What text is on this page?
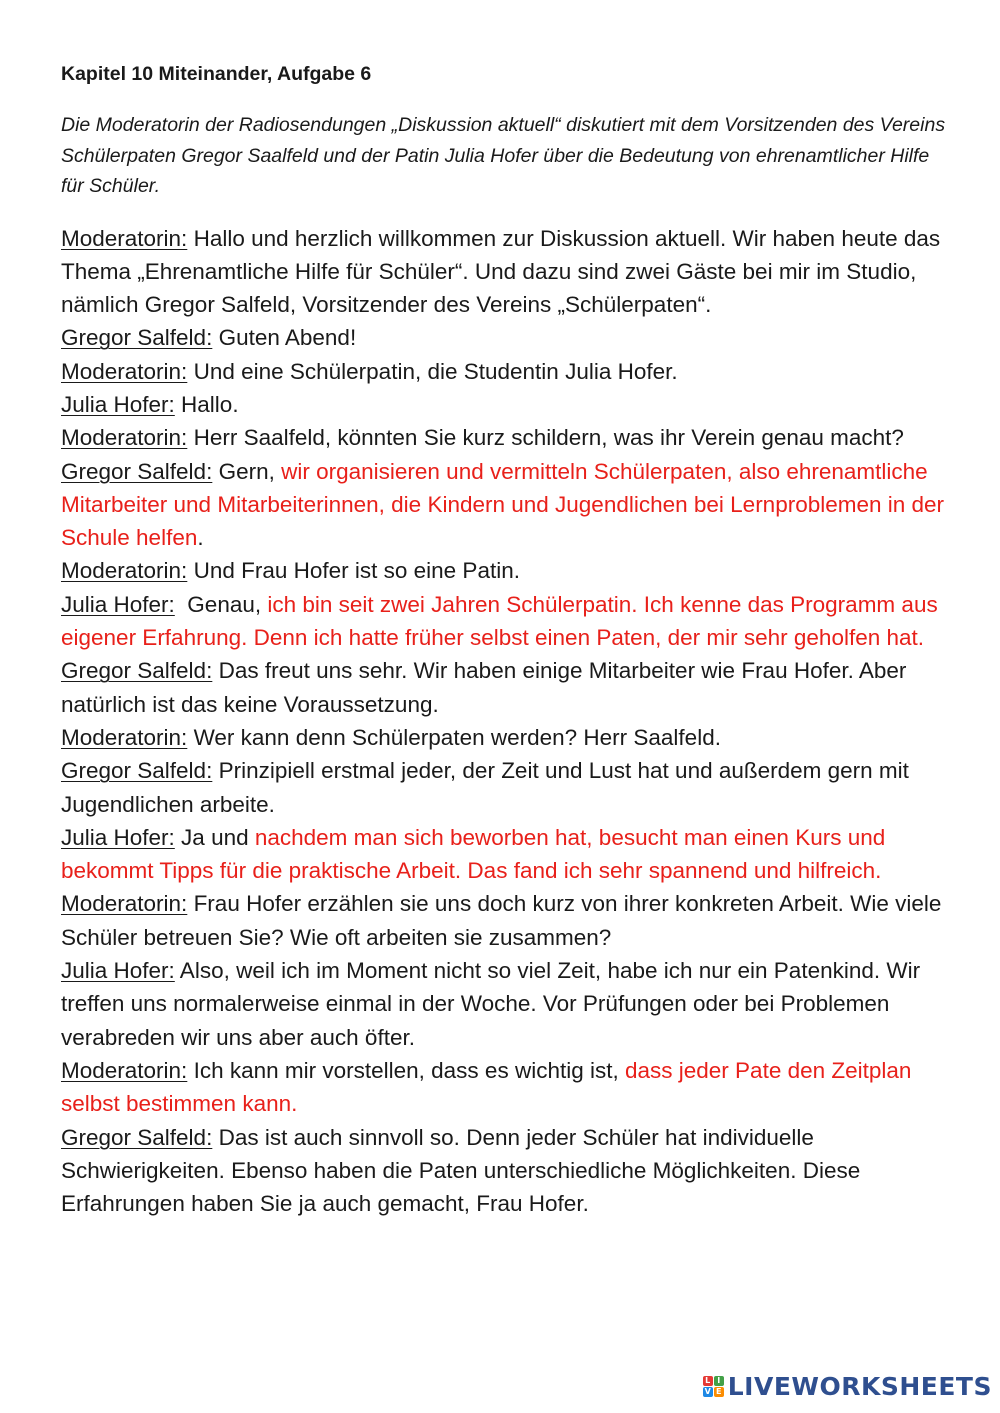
Kapitel 10 Miteinander, Aufgabe 6
Die Moderatorin der Radiosendungen „Diskussion aktuell“ diskutiert mit dem Vorsitzenden des Vereins Schülerpaten Gregor Saalfeld und der Patin Julia Hofer über die Bedeutung von ehrenamtlicher Hilfe für Schüler.

Moderatorin: Hallo und herzlich willkommen zur Diskussion aktuell. Wir haben heute das Thema „Ehrenamtliche Hilfe für Schüler“. Und dazu sind zwei Gäste bei mir im Studio, nämlich Gregor Salfeld, Vorsitzender des Vereins „Schülerpaten“.

Gregor Salfeld: Guten Abend!

Moderatorin: Und eine Schülerpatin, die Studentin Julia Hofer.

Julia Hofer: Hallo.

Moderatorin: Herr Saalfeld, könnten Sie kurz schildern, was ihr Verein genau macht?

Gregor Salfeld: Gern, wir organisieren und vermitteln Schülerpaten, also ehrenamtliche Mitarbeiter und Mitarbeiterinnen, die Kindern und Jugendlichen bei Lernproblemen in der Schule helfen.

Moderatorin: Und Frau Hofer ist so eine Patin.

Julia Hofer:  Genau, ich bin seit zwei Jahren Schülerpatin. Ich kenne das Programm aus eigener Erfahrung. Denn ich hatte früher selbst einen Paten, der mir sehr geholfen hat.

Gregor Salfeld: Das freut uns sehr. Wir haben einige Mitarbeiter wie Frau Hofer. Aber natürlich ist das keine Voraussetzung.

Moderatorin: Wer kann denn Schülerpaten werden? Herr Saalfeld.

Gregor Salfeld: Prinzipiell erstmal jeder, der Zeit und Lust hat und außerdem gern mit Jugendlichen arbeite.

Julia Hofer: Ja und nachdem man sich beworben hat, besucht man einen Kurs und bekommt Tipps für die praktische Arbeit. Das fand ich sehr spannend und hilfreich.

Moderatorin: Frau Hofer erzählen sie uns doch kurz von ihrer konkreten Arbeit. Wie viele Schüler betreuen Sie? Wie oft arbeiten sie zusammen?

Julia Hofer: Also, weil ich im Moment nicht so viel Zeit, habe ich nur ein Patenkind. Wir treffen uns normalerweise einmal in der Woche. Vor Prüfungen oder bei Problemen verabreden wir uns aber auch öfter.

Moderatorin: Ich kann mir vorstellen, dass es wichtig ist, dass jeder Pate den Zeitplan selbst bestimmen kann.

Gregor Salfeld: Das ist auch sinnvoll so. Denn jeder Schüler hat individuelle Schwierigkeiten. Ebenso haben die Paten unterschiedliche Möglichkeiten. Diese Erfahrungen haben Sie ja auch gemacht, Frau Hofer.

L I
V E LIVEWORKSHEETS
